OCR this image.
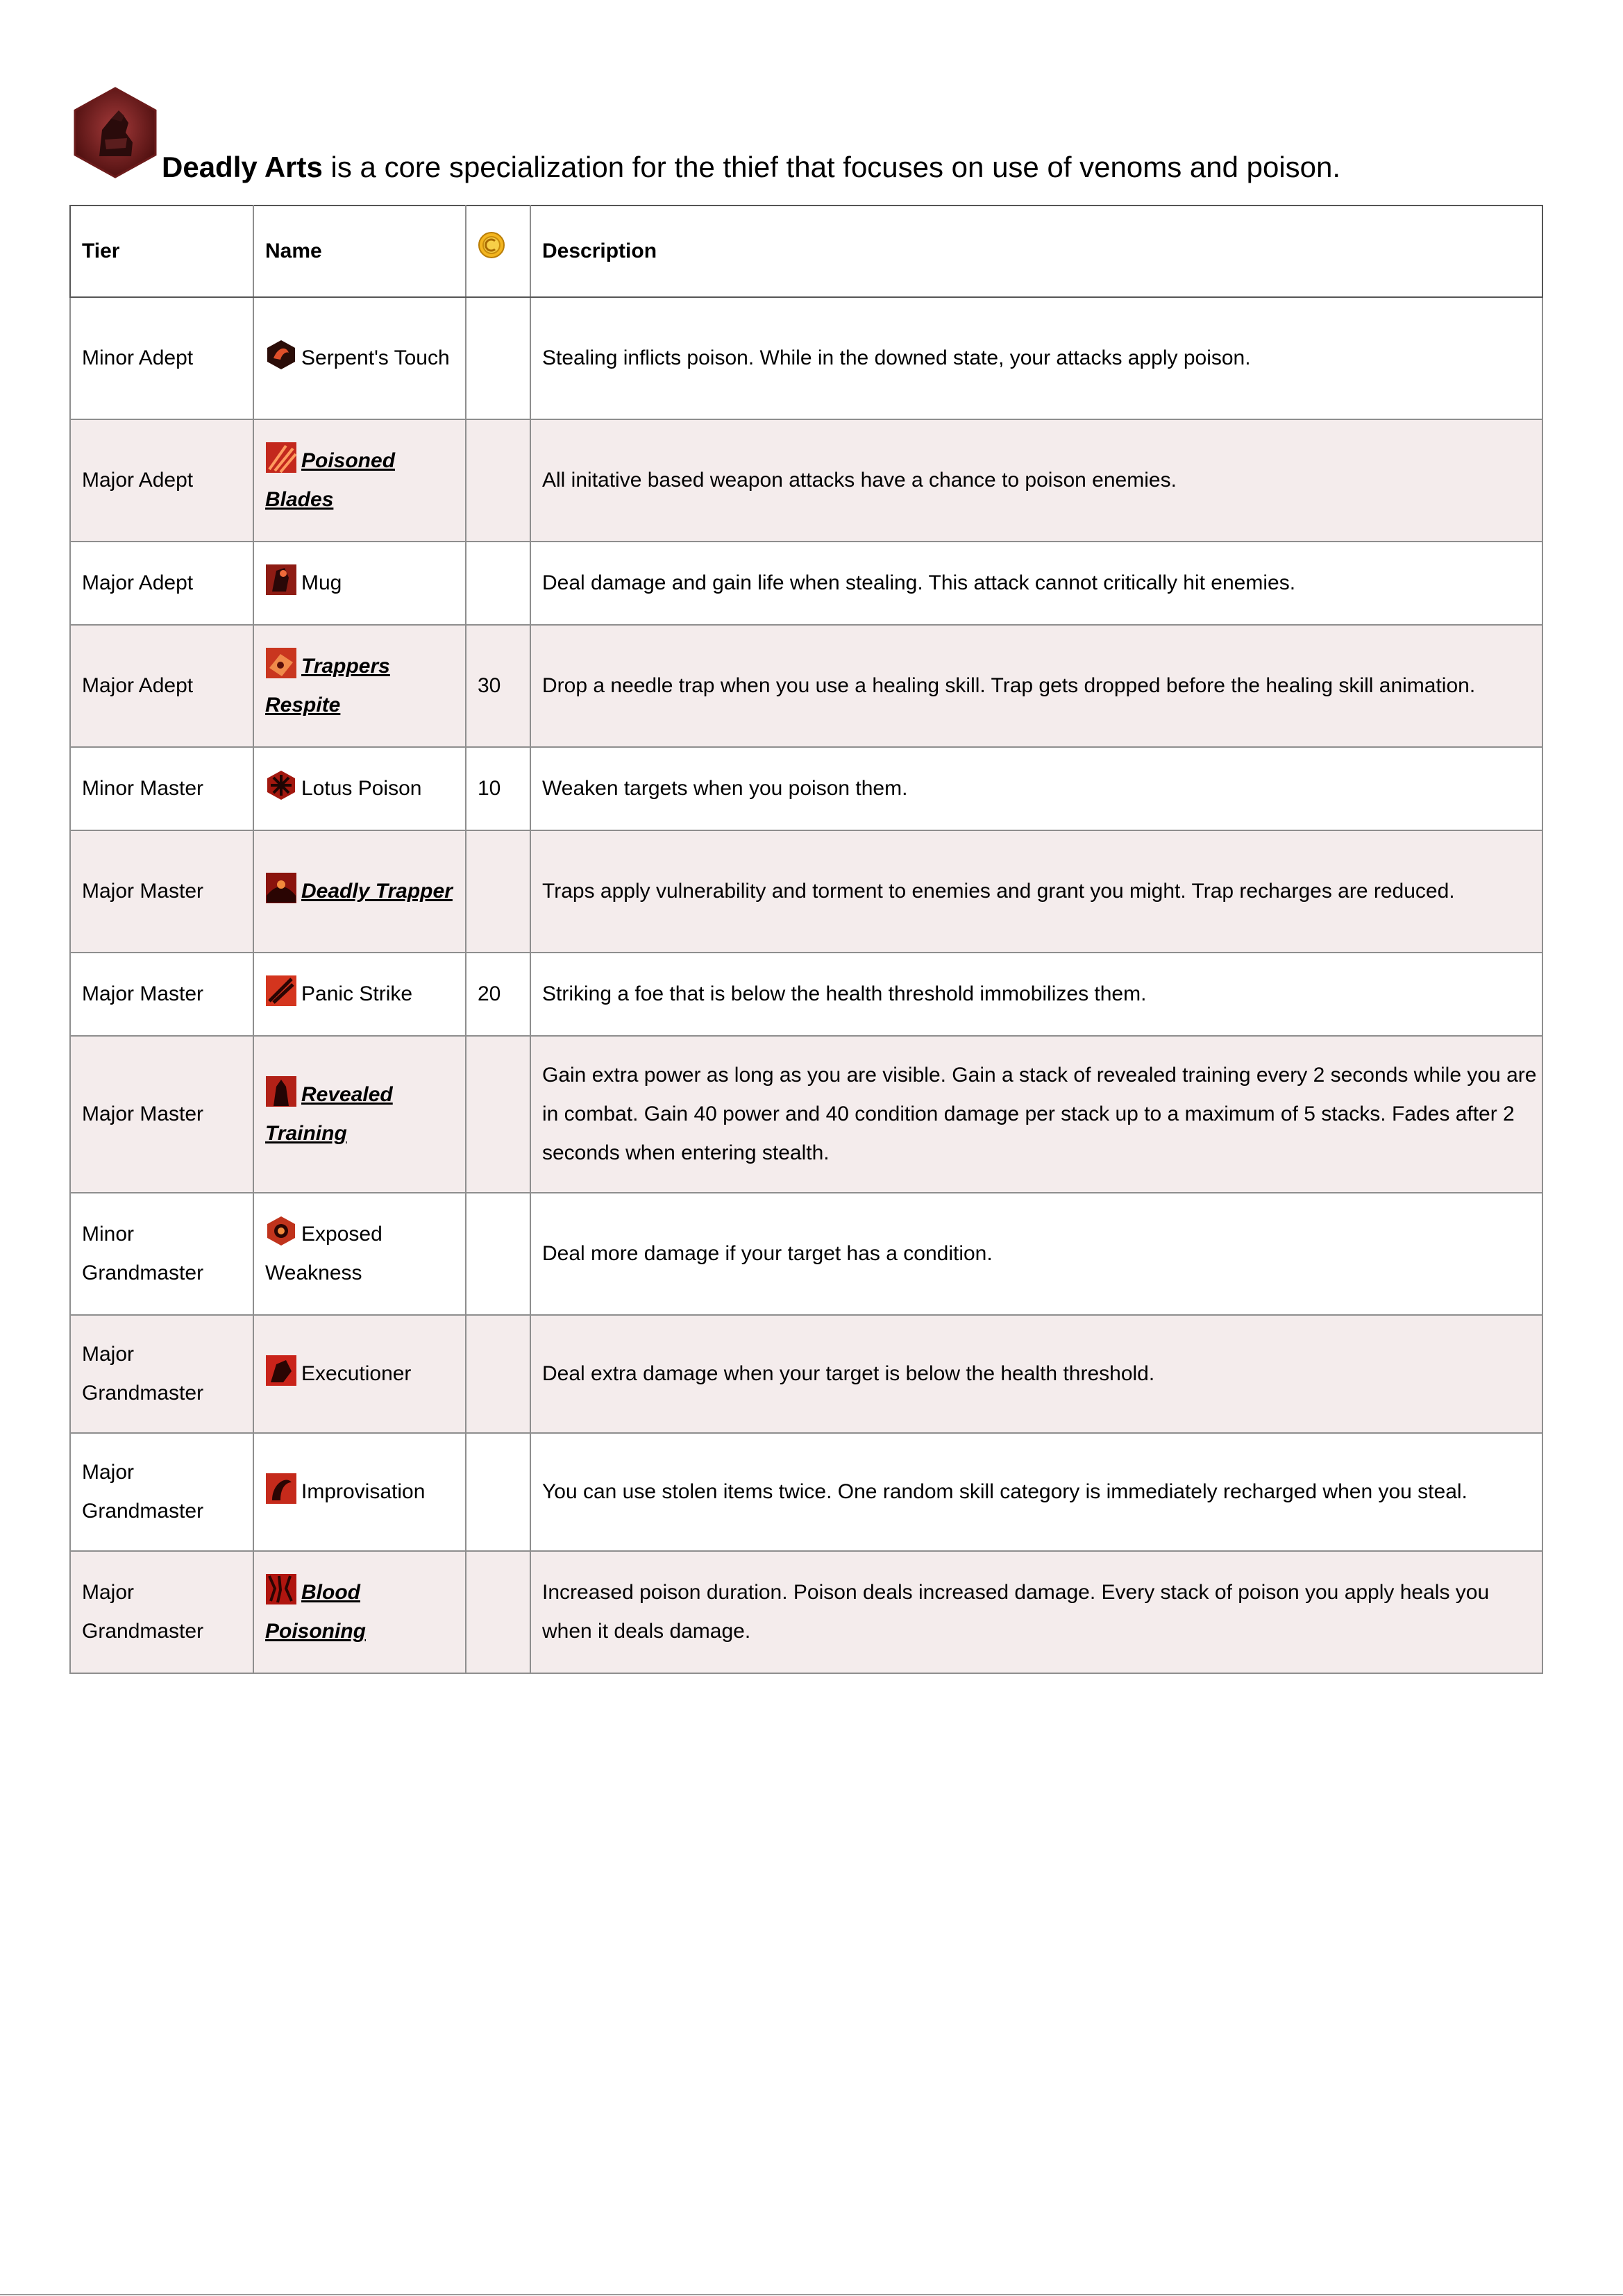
Deadly Arts is a core specialization for the thief that focuses on use of venoms and poison.
Tier	Name		Description
Minor Adept	Serpent's Touch		Stealing inflicts poison. While in the downed state, your attacks apply poison.
Major Adept	Poisoned Blades		All initative based weapon attacks have a chance to poison enemies.
Major Adept	Mug		Deal damage and gain life when stealing. This attack cannot critically hit enemies.
Major Adept	Trappers Respite	30	Drop a needle trap when you use a healing skill. Trap gets dropped before the healing skill animation.
Minor Master	Lotus Poison	10	Weaken targets when you poison them.
Major Master	Deadly Trapper		Traps apply vulnerability and torment to enemies and grant you might. Trap recharges are reduced.
Major Master	Panic Strike	20	Striking a foe that is below the health threshold immobilizes them.
Major Master	Revealed Training		Gain extra power as long as you are visible. Gain a stack of revealed training every 2 seconds while you are in combat. Gain 40 power and 40 condition damage per stack up to a maximum of 5 stacks. Fades after 2 seconds when entering stealth.
Minor Grandmaster	Exposed Weakness		Deal more damage if your target has a condition.
Major Grandmaster	Executioner		Deal extra damage when your target is below the health threshold.
Major Grandmaster	Improvisation		You can use stolen items twice. One random skill category is immediately recharged when you steal.
Major Grandmaster	Blood Poisoning		Increased poison duration. Poison deals increased damage. Every stack of poison you apply heals you when it deals damage.
